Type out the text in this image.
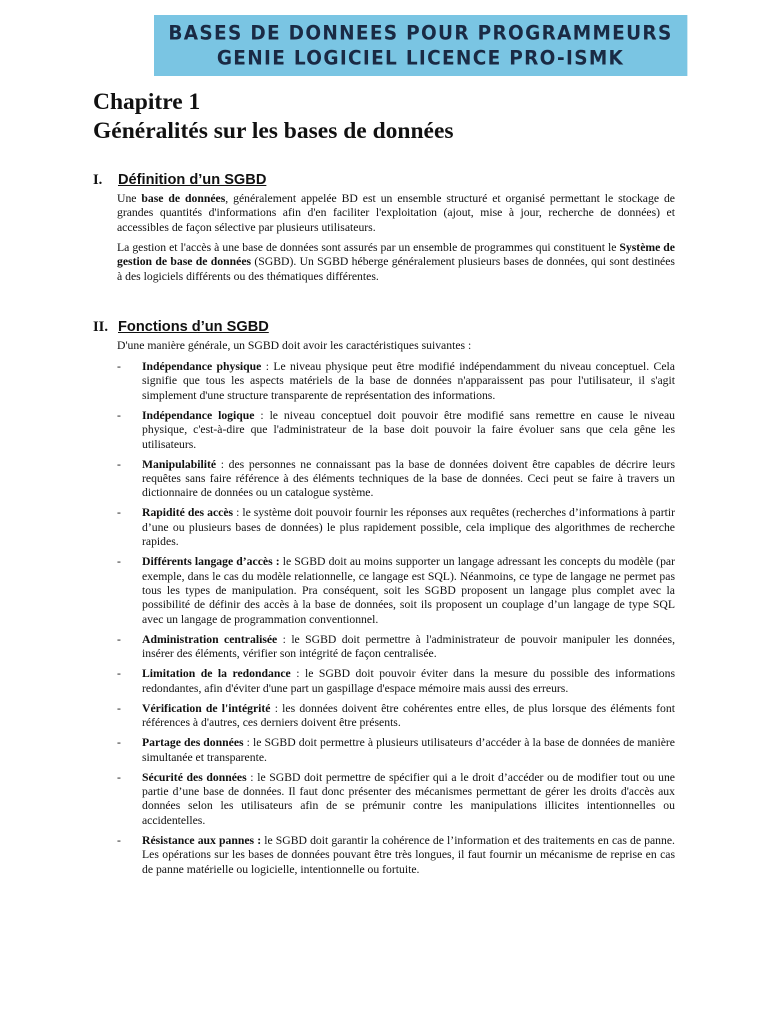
BASES DE DONNEES POUR PROGRAMMEURS
GENIE LOGICIEL LICENCE PRO-ISMK
Chapitre 1
Généralités sur les bases de données
I. Définition d’un SGBD
Une base de données, généralement appelée BD est un ensemble structuré et organisé permettant le stockage de grandes quantités d'informations afin d'en faciliter l'exploitation (ajout, mise à jour, recherche de données) et accessibles de façon sélective par plusieurs utilisateurs.
La gestion et l'accès à une base de données sont assurés par un ensemble de programmes qui constituent le Système de gestion de base de données (SGBD). Un SGBD héberge généralement plusieurs bases de données, qui sont destinées à des logiciels différents ou des thématiques différentes.
II. Fonctions d’un SGBD
D'une manière générale, un SGBD doit avoir les caractéristiques suivantes :
- Indépendance physique : Le niveau physique peut être modifié indépendamment du niveau conceptuel. Cela signifie que tous les aspects matériels de la base de données n'apparaissent pas pour l'utilisateur, il s'agit simplement d'une structure transparente de représentation des informations.
- Indépendance logique : le niveau conceptuel doit pouvoir être modifié sans remettre en cause le niveau physique, c'est-à-dire que l'administrateur de la base doit pouvoir la faire évoluer sans que cela gêne les utilisateurs.
- Manipulabilité : des personnes ne connaissant pas la base de données doivent être capables de décrire leurs requêtes sans faire référence à des éléments techniques de la base de données. Ceci peut se faire à travers un dictionnaire de données ou un catalogue système.
- Rapidité des accès : le système doit pouvoir fournir les réponses aux requêtes (recherches d’informations à partir d’une ou plusieurs bases de données) le plus rapidement possible, cela implique des algorithmes de recherche rapides.
- Différents langage d’accès : le SGBD doit au moins supporter un langage adressant les concepts du modèle (par exemple, dans le cas du modèle relationnelle, ce langage est SQL). Néanmoins, ce type de langage ne permet pas tous les types de manipulation. Pra conséquent, soit les SGBD proposent un langage plus complet avec la possibilité de définir des accès à la base de données, soit ils proposent un couplage d’un langage de type SQL avec un langage de programmation conventionnel.
- Administration centralisée : le SGBD doit permettre à l'administrateur de pouvoir manipuler les données, insérer des éléments, vérifier son intégrité de façon centralisée.
- Limitation de la redondance : le SGBD doit pouvoir éviter dans la mesure du possible des informations redondantes, afin d'éviter d'une part un gaspillage d'espace mémoire mais aussi des erreurs.
- Vérification de l'intégrité : les données doivent être cohérentes entre elles, de plus lorsque des éléments font références à d'autres, ces derniers doivent être présents.
- Partage des données : le SGBD doit permettre à plusieurs utilisateurs d’accéder à la base de données de manière simultanée et transparente.
- Sécurité des données : le SGBD doit permettre de spécifier qui a le droit d’accéder ou de modifier tout ou une partie d’une base de données. Il faut donc présenter des mécanismes permettant de gérer les droits d'accès aux données selon les utilisateurs afin de se prémunir contre les manipulations illicites intentionnelles ou accidentelles.
- Résistance aux pannes : le SGBD doit garantir la cohérence de l’information et des traitements en cas de panne. Les opérations sur les bases de données pouvant être très longues, il faut fournir un mécanisme de reprise en cas de panne matérielle ou logicielle, intentionnelle ou fortuite.
